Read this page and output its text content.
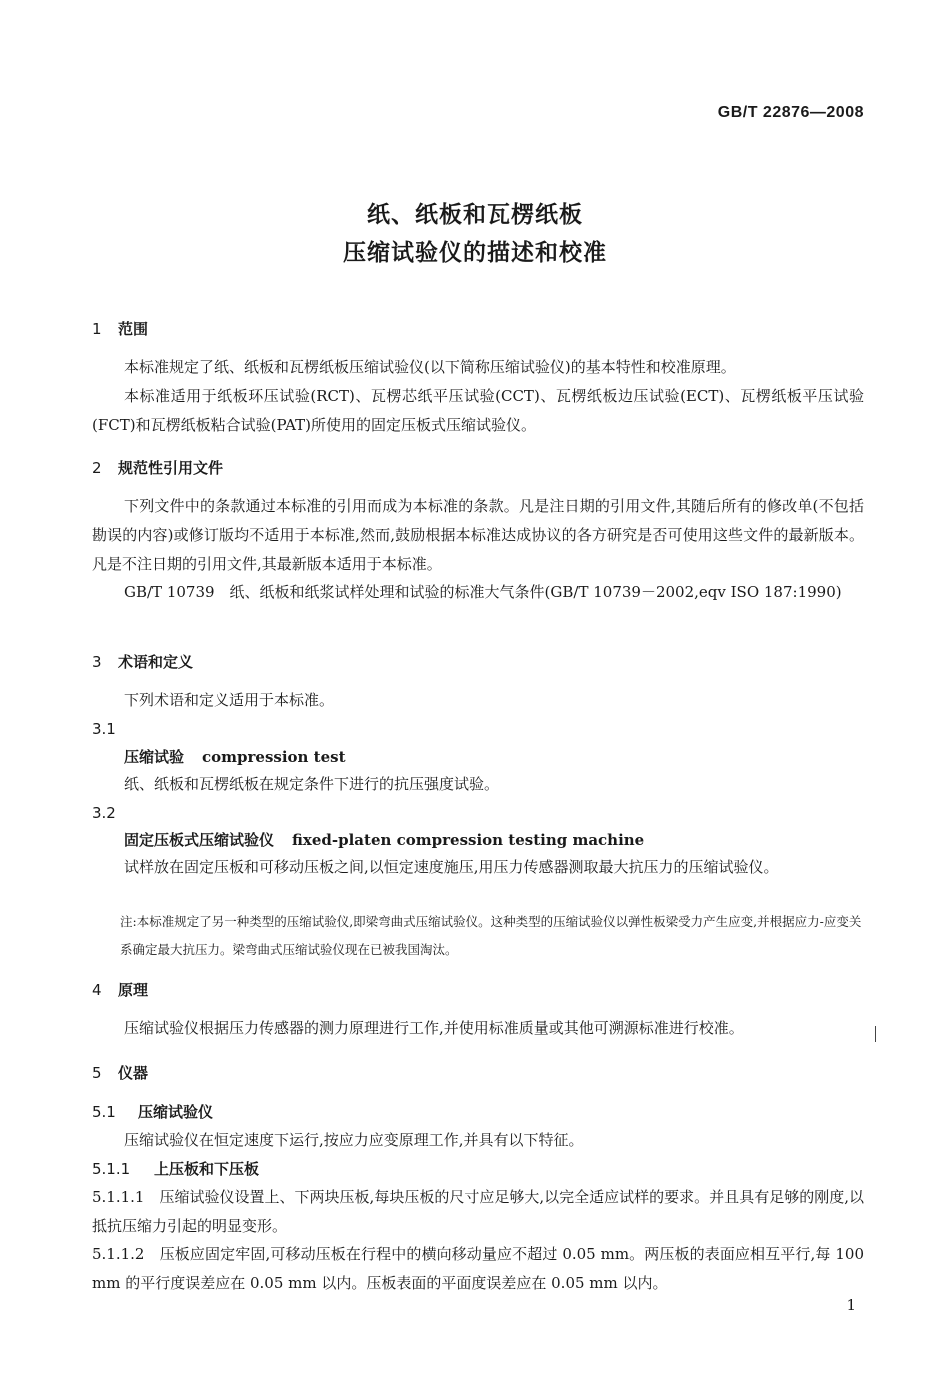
GB/T 22876—2008
纸、纸板和瓦楞纸板
压缩试验仪的描述和校准
1 范围
本标准规定了纸、纸板和瓦楞纸板压缩试验仪(以下简称压缩试验仪)的基本特性和校准原理。
本标准适用于纸板环压试验(RCT)、瓦楞芯纸平压试验(CCT)、瓦楞纸板边压试验(ECT)、瓦楞纸板平压试验(FCT)和瓦楞纸板粘合试验(PAT)所使用的固定压板式压缩试验仪。
2 规范性引用文件
下列文件中的条款通过本标准的引用而成为本标准的条款。凡是注日期的引用文件,其随后所有的修改单(不包括勘误的内容)或修订版均不适用于本标准,然而,鼓励根据本标准达成协议的各方研究是否可使用这些文件的最新版本。凡是不注日期的引用文件,其最新版本适用于本标准。
GB/T 10739　纸、纸板和纸浆试样处理和试验的标准大气条件(GB/T 10739－2002,eqv ISO 187:1990)
3 术语和定义
下列术语和定义适用于本标准。
3.1
压缩试验 compression test
纸、纸板和瓦楞纸板在规定条件下进行的抗压强度试验。
3.2
固定压板式压缩试验仪 fixed-platen compression testing machine
试样放在固定压板和可移动压板之间,以恒定速度施压,用压力传感器测取最大抗压力的压缩试验仪。
注:本标准规定了另一种类型的压缩试验仪,即梁弯曲式压缩试验仪。这种类型的压缩试验仪以弹性板梁受力产生应变,并根据应力-应变关系确定最大抗压力。梁弯曲式压缩试验仪现在已被我国淘汰。
4 原理
压缩试验仪根据压力传感器的测力原理进行工作,并使用标准质量或其他可溯源标准进行校准。
5 仪器
5.1 压缩试验仪
压缩试验仪在恒定速度下运行,按应力应变原理工作,并具有以下特征。
5.1.1 上压板和下压板
5.1.1.1　压缩试验仪设置上、下两块压板,每块压板的尺寸应足够大,以完全适应试样的要求。并且具有足够的刚度,以抵抗压缩力引起的明显变形。
5.1.1.2　压板应固定牢固,可移动压板在行程中的横向移动量应不超过 0.05 mm。两压板的表面应相互平行,每 100 mm 的平行度误差应在 0.05 mm 以内。压板表面的平面度误差应在 0.05 mm 以内。
1
